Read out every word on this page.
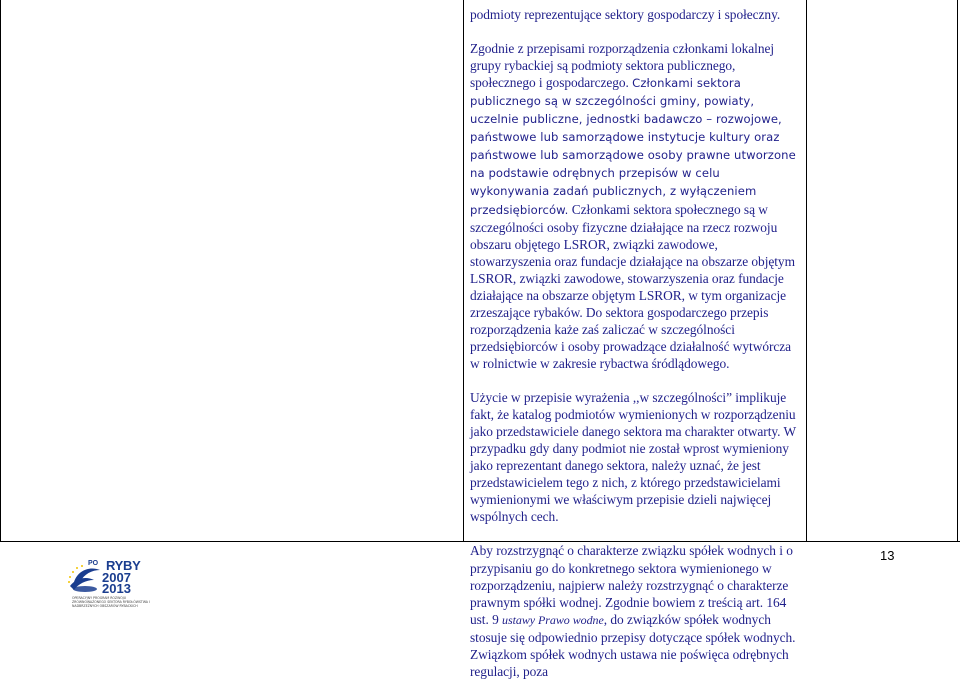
podmioty reprezentujące sektory gospodarczy i społeczny.

Zgodnie z przepisami rozporządzenia członkami lokalnej grupy rybackiej są podmioty sektora publicznego, społecznego i gospodarczego. Członkami sektora publicznego są w szczególności gminy, powiaty, uczelnie publiczne, jednostki badawczo – rozwojowe, państwowe lub samorządowe instytucje kultury oraz państwowe lub samorządowe osoby prawne utworzone na podstawie odrębnych przepisów w celu wykonywania zadań publicznych, z wyłączeniem przedsiębiorców. Członkami sektora społecznego są w szczególności osoby fizyczne działające na rzecz rozwoju obszaru objętego LSROR, związki zawodowe, stowarzyszenia oraz fundacje działające na obszarze objętym LSROR, związki zawodowe, stowarzyszenia oraz fundacje działające na obszarze objętym LSROR, w tym organizacje zrzeszające rybaków. Do sektora gospodarczego przepis rozporządzenia każe zaś zaliczać w szczególności przedsiębiorców i osoby prowadzące działalność wytwórcza w rolnictwie w zakresie rybactwa śródlądowego.

Użycie w przepisie wyrażenia ,,w szczególności” implikuje fakt, że katalog podmiotów wymienionych w rozporządzeniu jako przedstawiciele danego sektora ma charakter otwarty. W przypadku gdy dany podmiot nie został wprost wymieniony jako reprezentant danego sektora, należy uznać, że jest przedstawicielem tego z nich, z którego przedstawicielami wymienionymi we właściwym przepisie dzieli najwięcej wspólnych cech.

Aby rozstrzygnąć o charakterze związku spółek wodnych i o przypisaniu go do konkretnego sektora wymienionego w rozporządzeniu, najpierw należy rozstrzygnąć o charakterze prawnym spółki wodnej. Zgodnie bowiem z treścią art. 164 ust. 9 ustawy Prawo wodne, do związków spółek wodnych stosuje się odpowiednio przepisy dotyczące spółek wodnych. Związkom spółek wodnych ustawa nie poświęca odrębnych regulacji, poza

13
PO RYBY
2007
2013
OPERACYJNY PROGRAM ROZWOJU ZRÓWNOWAŻONEGO SEKTORA RYBOŁÓWSTWA I NADBRZEŻNYCH OBSZARÓW RYBACKICH
